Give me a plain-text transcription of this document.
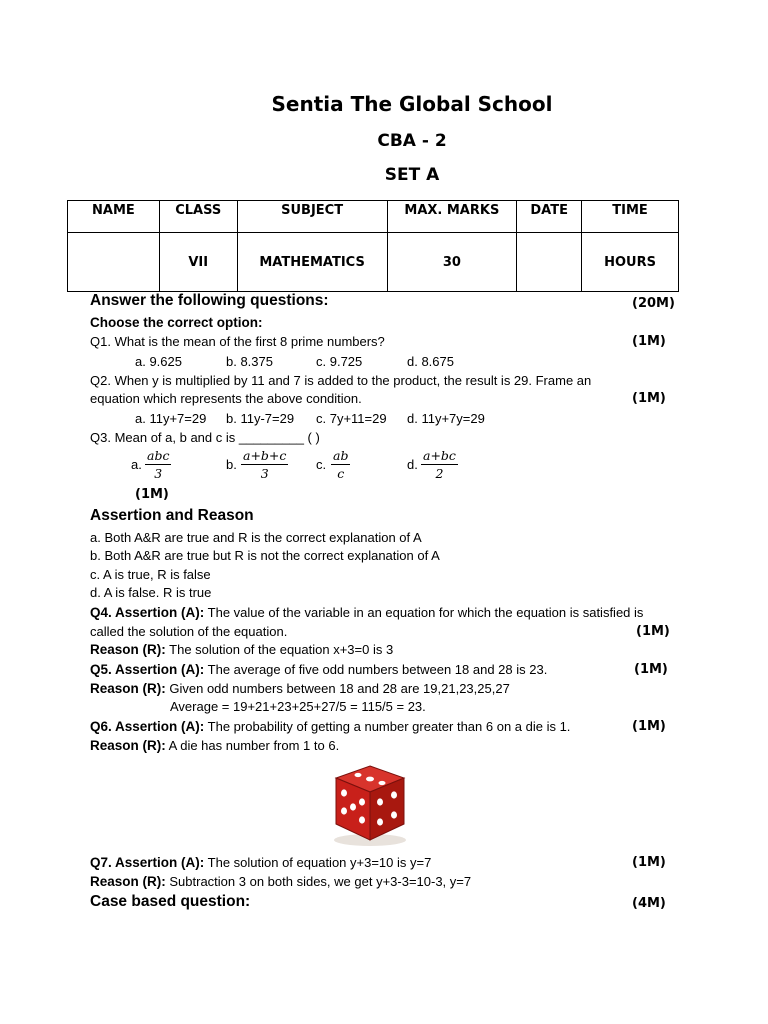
Sentia The Global School
CBA - 2
SET A
NAME	CLASS	SUBJECT	MAX. MARKS	DATE	TIME
	VII	MATHEMATICS	30		HOURS
Answer the following questions:	(20M)
Choose the correct option:
Q1. What is the mean of the first 8 prime numbers?	(1M)
a. 9.625	b. 8.375	c. 9.725	d. 8.675
Q2. When y is multiplied by 11 and 7 is added to the product, the result is 29. Frame an
equation which represents the above condition.	(1M)
a. 11y+7=29 b. 11y-7=29 c. 7y+11=29 d. 11y+7y=29
Q3. Mean of a, b and c is _________ ( )
a.
abc
3
b. $\frac{a+b+c}{3} c$. $\frac{ab}{c}$	d. $\frac{a+bc}{2}$
(1M)
Assertion and Reason
a. Both A&R are true and R is the correct explanation of A
b. Both A&R are true but R is not the correct explanation of A
c. A is true, R is false
d. A is false. R is true
Q4. Assertion (A): The value of the variable in an equation for which the equation is satisfied is
called the solution of the equation.	(1M)
Reason (R): The solution of the equation x+3=0 is 3
Q5. Assertion (A): The average of five odd numbers between 18 and 28 is 23.	(1M)
Reason (R): Given odd numbers between 18 and 28 are 19,21,23,25,27
Average = 19+21+23+25+27/5 = 115/5 = 23.
Q6. Assertion (A): The probability of getting a number greater than 6 on a die is 1.	(1M)
Reason (R): A die has number from 1 to 6.
Q7. Assertion (A): The solution of equation y+3=10 is y=7	(1M)
Reason (R): Subtraction 3 on both sides, we get y+3-3=10-3, y=7
Case based question:	(4M)
